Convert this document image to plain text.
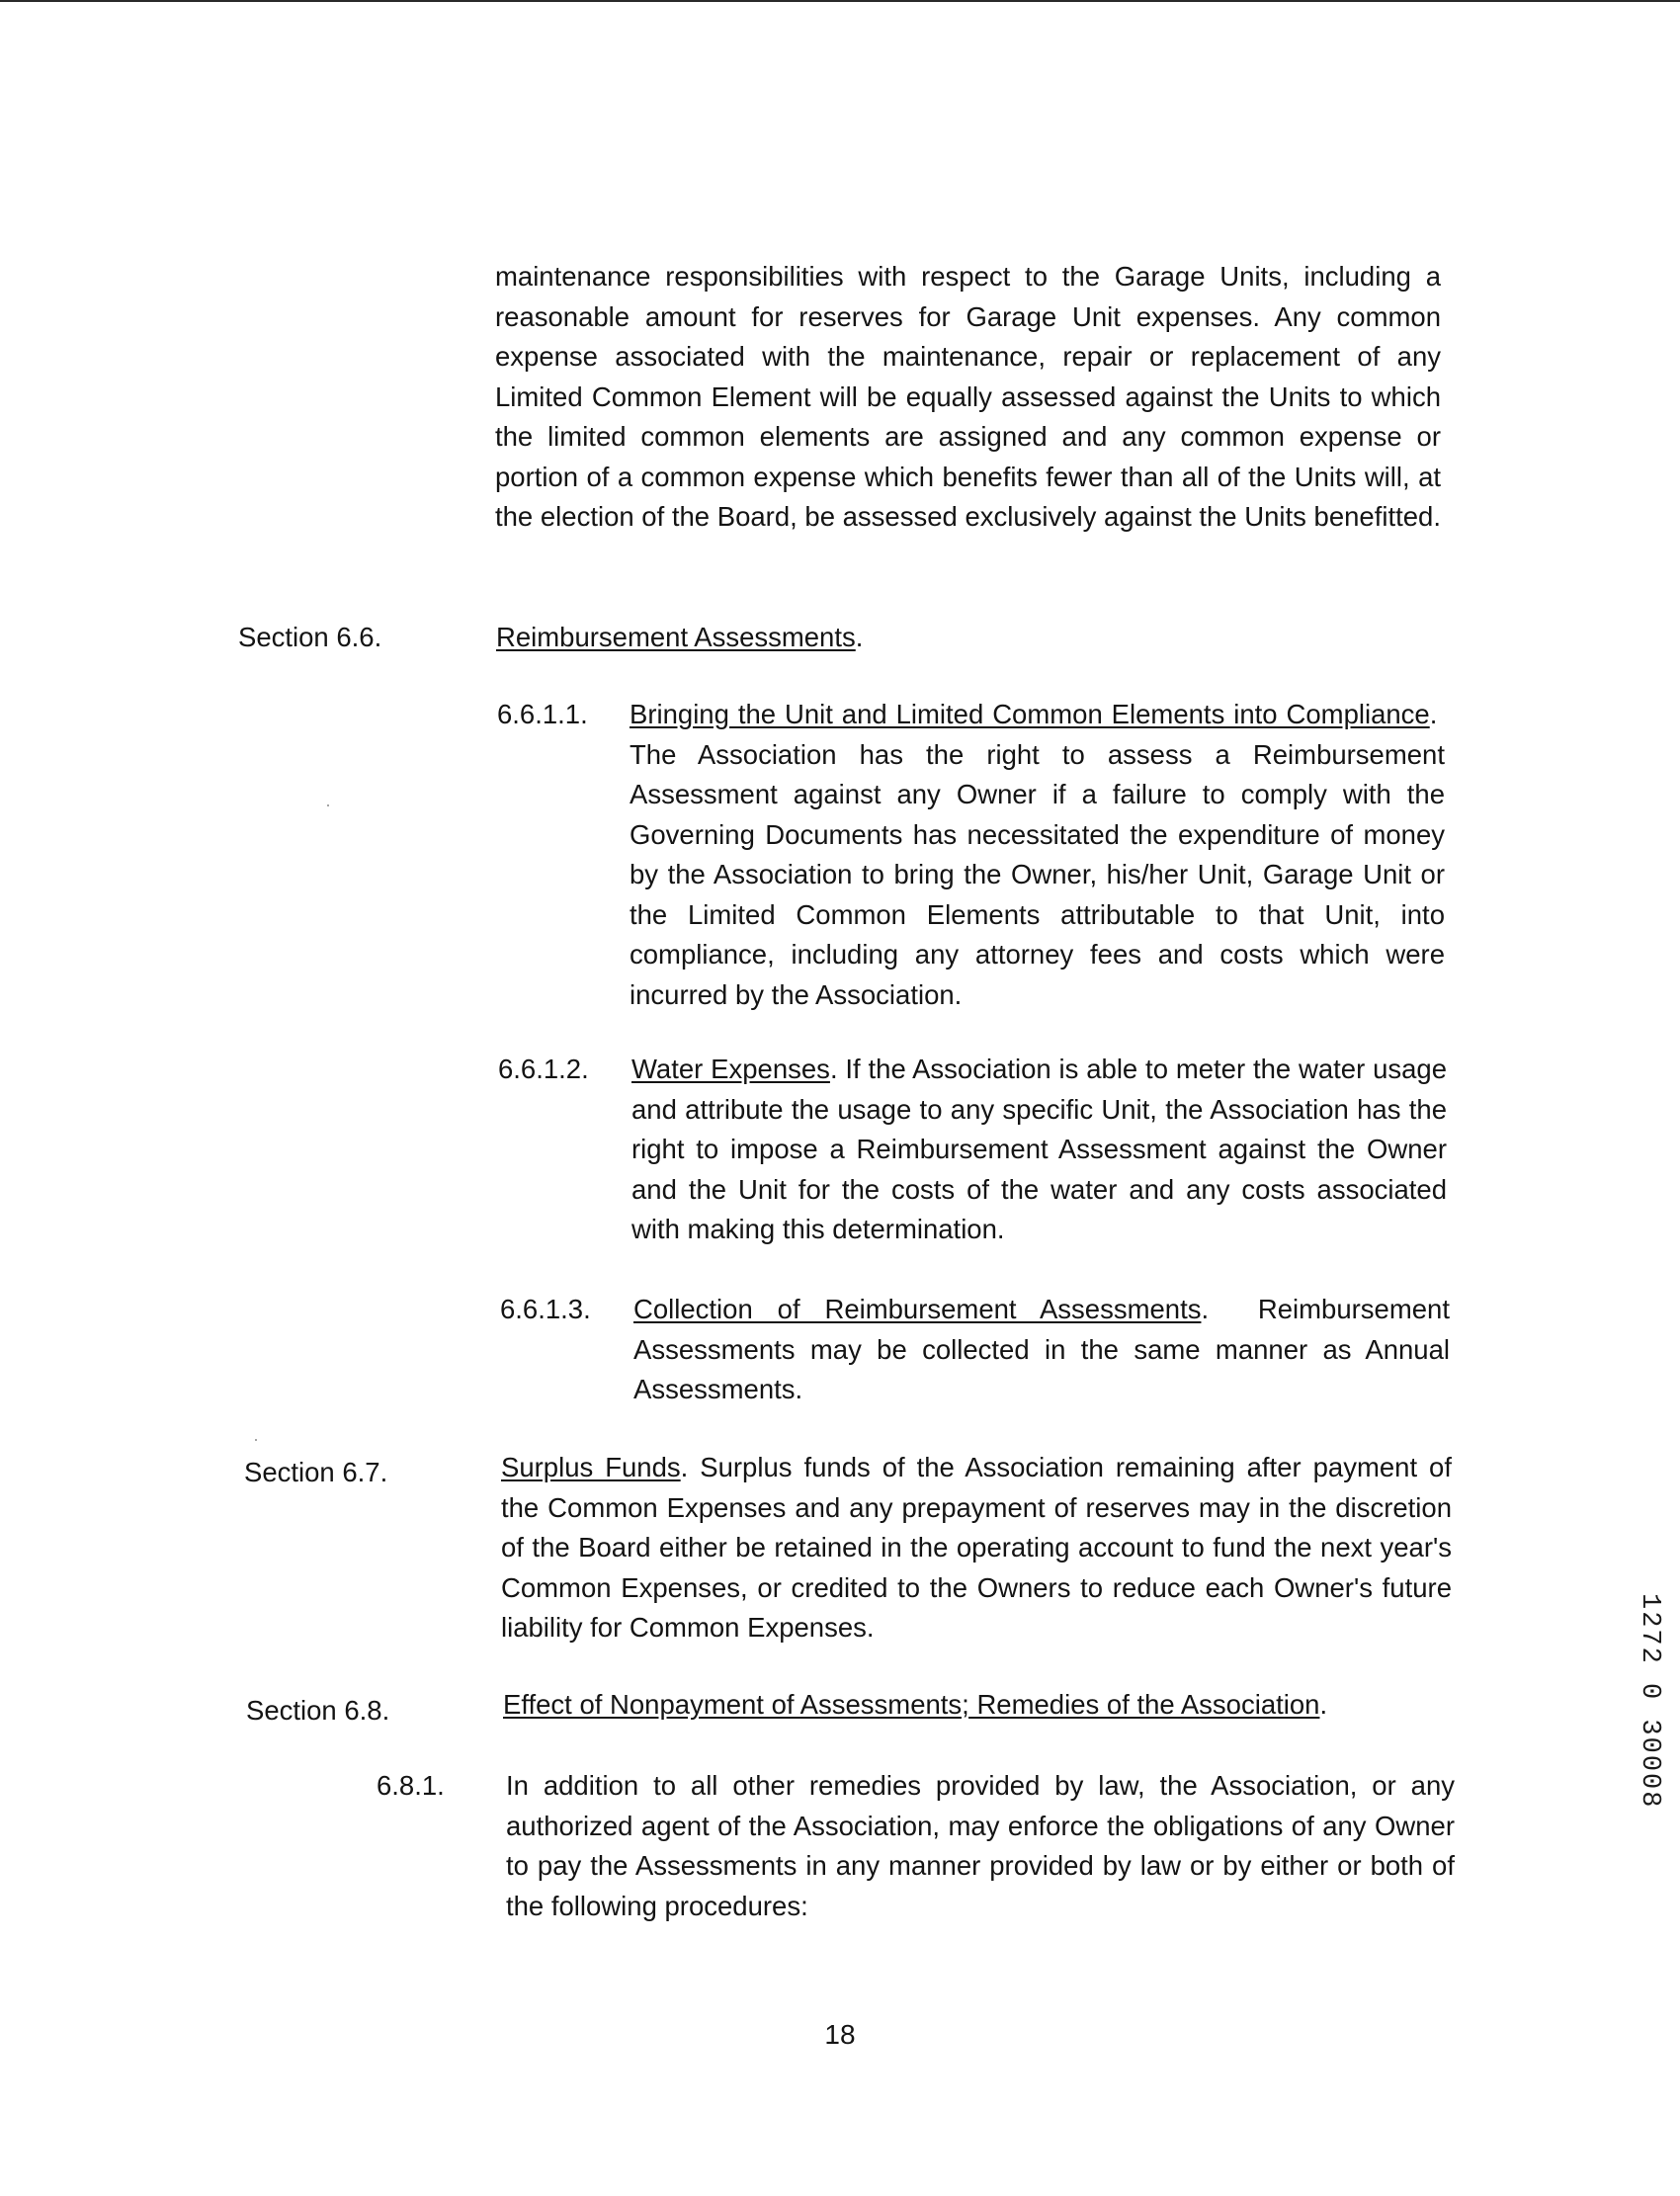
maintenance responsibilities with respect to the Garage Units, including a reasonable amount for reserves for Garage Unit expenses. Any common expense associated with the maintenance, repair or replacement of any Limited Common Element will be equally assessed against the Units to which the limited common elements are assigned and any common expense or portion of a common expense which benefits fewer than all of the Units will, at the election of the Board, be assessed exclusively against the Units benefitted.

Section 6.6.	Reimbursement Assessments.

6.6.1.1. Bringing the Unit and Limited Common Elements into Compliance.  The Association has the right to assess a Reimbursement Assessment against any Owner if a failure to comply with the Governing Documents has necessitated the expenditure of money by the Association to bring the Owner, his/her Unit, Garage Unit or the Limited Common Elements attributable to that Unit, into compliance, including any attorney fees and costs which were incurred by the Association.

6.6.1.2. Water Expenses. If the Association is able to meter the water usage and attribute the usage to any specific Unit, the Association has the right to impose a Reimbursement Assessment against the Owner and the Unit for the costs of the water and any costs associated with making this determination.

6.6.1.3. Collection of Reimbursement Assessments. Reimbursement Assessments may be collected in the same manner as Annual Assessments.

Section 6.7.	Surplus Funds. Surplus funds of the Association remaining after payment of the Common Expenses and any prepayment of reserves may in the discretion of the Board either be retained in the operating account to fund the next year's Common Expenses, or credited to the Owners to reduce each Owner's future liability for Common Expenses.

Section 6.8.	Effect of Nonpayment of Assessments; Remedies of the Association.

6.8.1. In addition to all other remedies provided by law, the Association, or any authorized agent of the Association, may enforce the obligations of any Owner to pay the Assessments in any manner provided by law or by either or both of the following procedures:

18
1272 0 30008
